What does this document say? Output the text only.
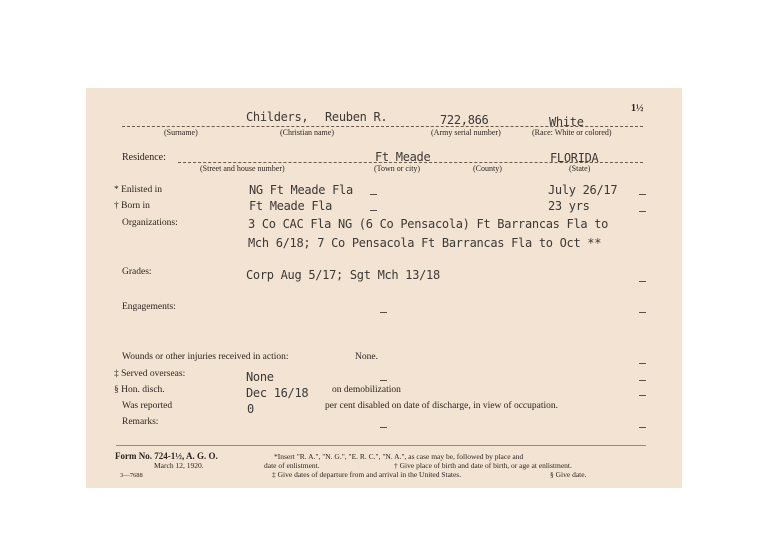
1½
Childers, Reuben R.	722,866	White
(Surname)	(Christian name)	(Army serial number)	(Race: White or colored)
Residence:	Ft Meade	FLORIDA
(Street and house number)	(Town or city)	(County)	(State)
* Enlisted in	NG Ft Meade Fla	July 26/17
† Born in	Ft Meade Fla	23 yrs
Organizations:	3 Co CAC Fla NG (6 Co Pensacola) Ft Barrancas Fla to
Mch 6/18; 7 Co Pensacola Ft Barrancas Fla to Oct **
Grades:	Corp Aug 5/17; Sgt Mch 13/18
Engagements:
Wounds or other injuries received in action:	None.
‡ Served overseas:	None
§ Hon. disch.	Dec 16/18 on demobilization
Was reported	0	per cent disabled on date of discharge, in view of occupation.
Remarks:
Form No. 724-1½, A. G. O.
March 12, 1920.
3—7688
*Insert "R. A.", "N. G.", "E. R. C.", "N. A.", as case may be, followed by place and
date of enlistment.	† Give place of birth and date of birth, or age at enlistment.
‡ Give dates of departure from and arrival in the United States.	§ Give date.
